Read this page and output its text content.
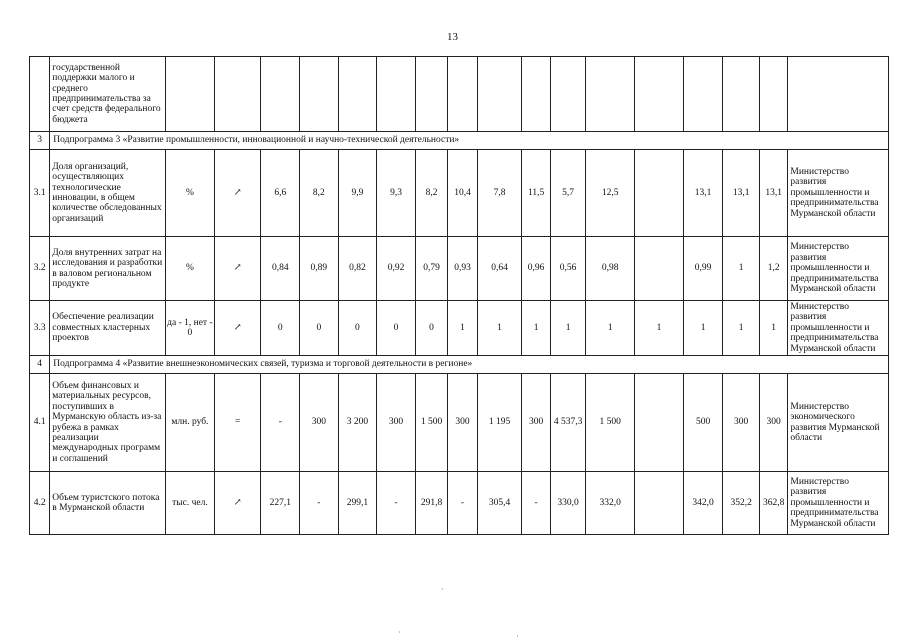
13
	государственной поддержки малого и среднего предпринимательства за счет средств федерального бюджета																	
3	Подпрограмма 3 «Развитие промышленности, инновационной и научно-технической деятельности»																	
3.1	Доля организаций, осуществляющих технологические инновации, в общем количестве обследованных организаций	%	↗	6,6	8,2	9,9	9,3	8,2	10,4	7,8	11,5	5,7	12,5		13,1	13,1	13,1	Министерство развития промышленности и предпринимательства Мурманской области
3.2	Доля внутренних затрат на исследования и разработки в валовом региональном продукте	%	↗	0,84	0,89	0,82	0,92	0,79	0,93	0,64	0,96	0,56	0,98		0,99	1	1,2	Министерство развития промышленности и предпринимательства Мурманской области
3.3	Обеспечение реализации совместных кластерных проектов	да - 1, нет - 0	↗	0	0	0	0	0	1	1	1	1	1	1	1	1	1	Министерство развития промышленности и предпринимательства Мурманской области
4	Подпрограмма 4 «Развитие внешнеэкономических связей, туризма и торговой деятельности в регионе»																	
4.1	Объем финансовых и материальных ресурсов, поступивших в Мурманскую область из-за рубежа в рамках реализации международных программ и соглашений	млн. руб.	=	-	300	3 200	300	1 500	300	1 195	300	4 537,3	1 500		500	300	300	Министерство экономического развития Мурманской области
4.2	Объем туристского потока в Мурманской области	тыс. чел.	↗	227,1	-	299,1	-	291,8	-	305,4	-	330,0	332,0		342,0	352,2	362,8	Министерство развития промышленности и предпринимательства Мурманской области
·
·	·
